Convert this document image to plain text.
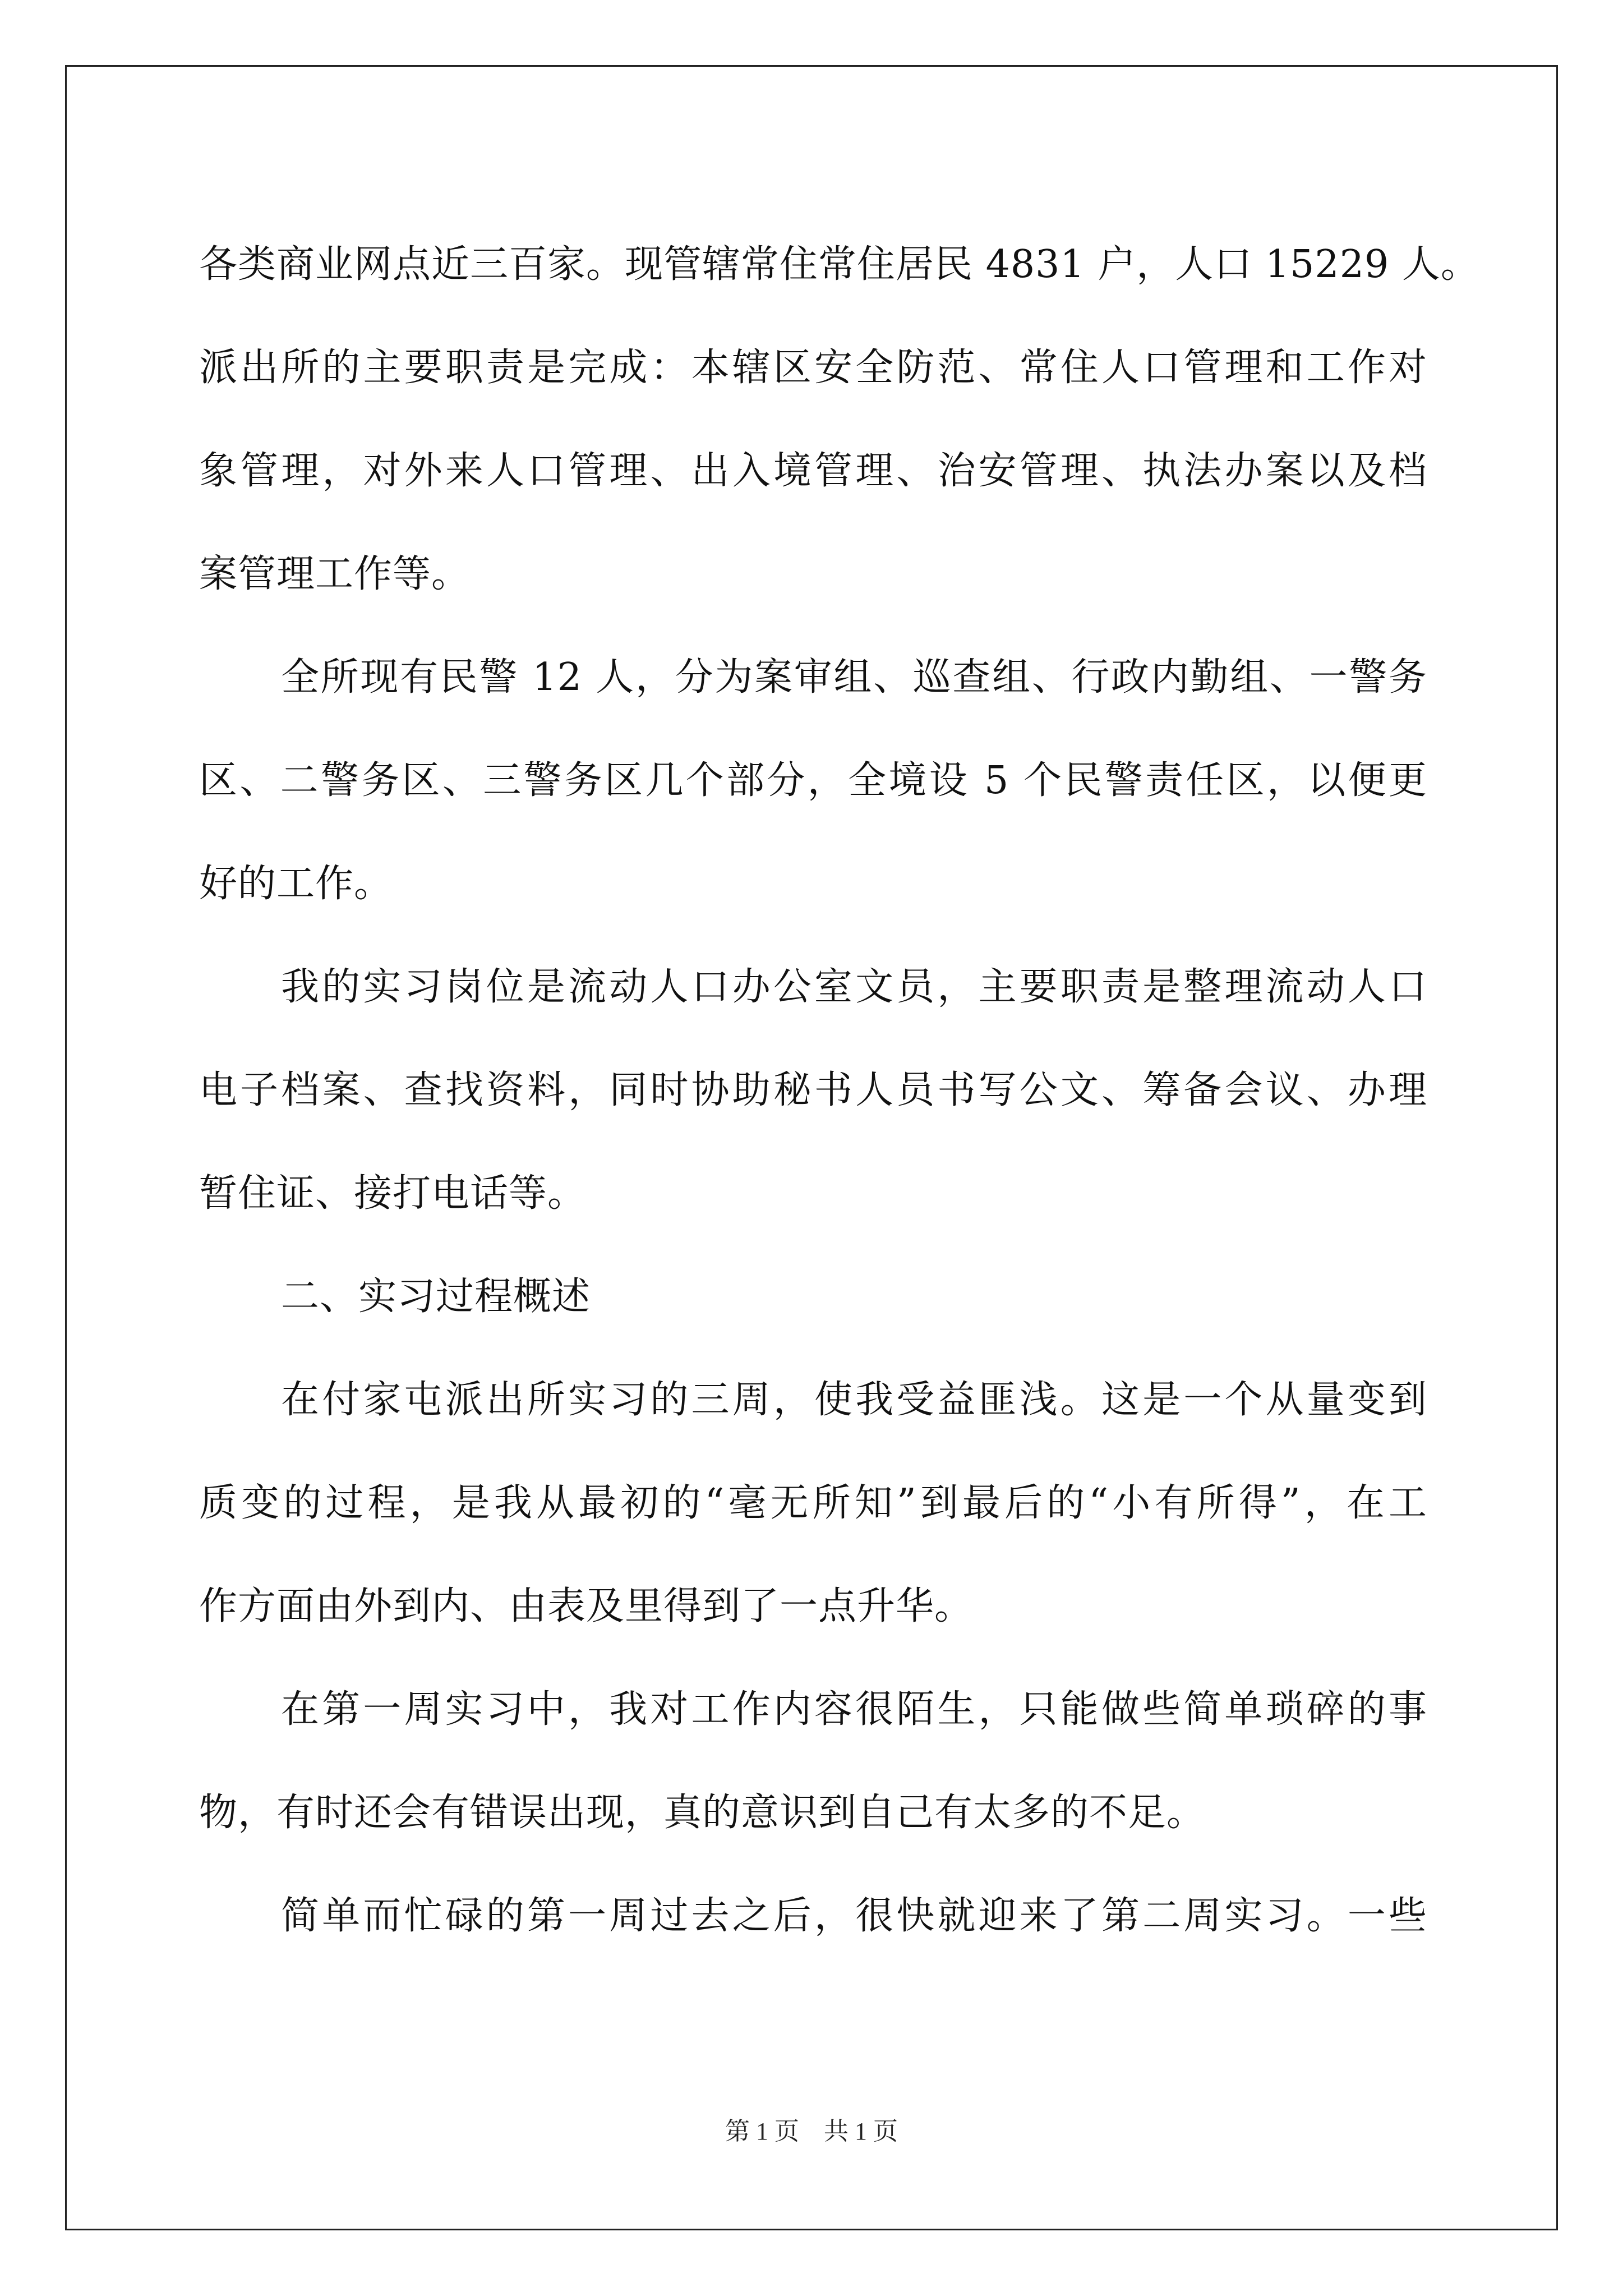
各类商业网点近三百家。现管辖常住常住居民 4831 户，人口 15229 人。
派出所的主要职责是完成：本辖区安全防范、常住人口管理和工作对
象管理，对外来人口管理、出入境管理、治安管理、执法办案以及档
案管理工作等。
全所现有民警 12 人，分为案审组、巡查组、行政内勤组、一警务
区、二警务区、三警务区几个部分，全境设 5 个民警责任区，以便更
好的工作。
我的实习岗位是流动人口办公室文员，主要职责是整理流动人口
电子档案、查找资料，同时协助秘书人员书写公文、筹备会议、办理
暂住证、接打电话等。
二、实习过程概述
在付家屯派出所实习的三周，使我受益匪浅。这是一个从量变到
质变的过程，是我从最初的“毫无所知”到最后的“小有所得”，在工
作方面由外到内、由表及里得到了一点升华。
在第一周实习中，我对工作内容很陌生，只能做些简单琐碎的事
物，有时还会有错误出现，真的意识到自己有太多的不足。
简单而忙碌的第一周过去之后，很快就迎来了第二周实习。一些
第 1 页　共 1 页
